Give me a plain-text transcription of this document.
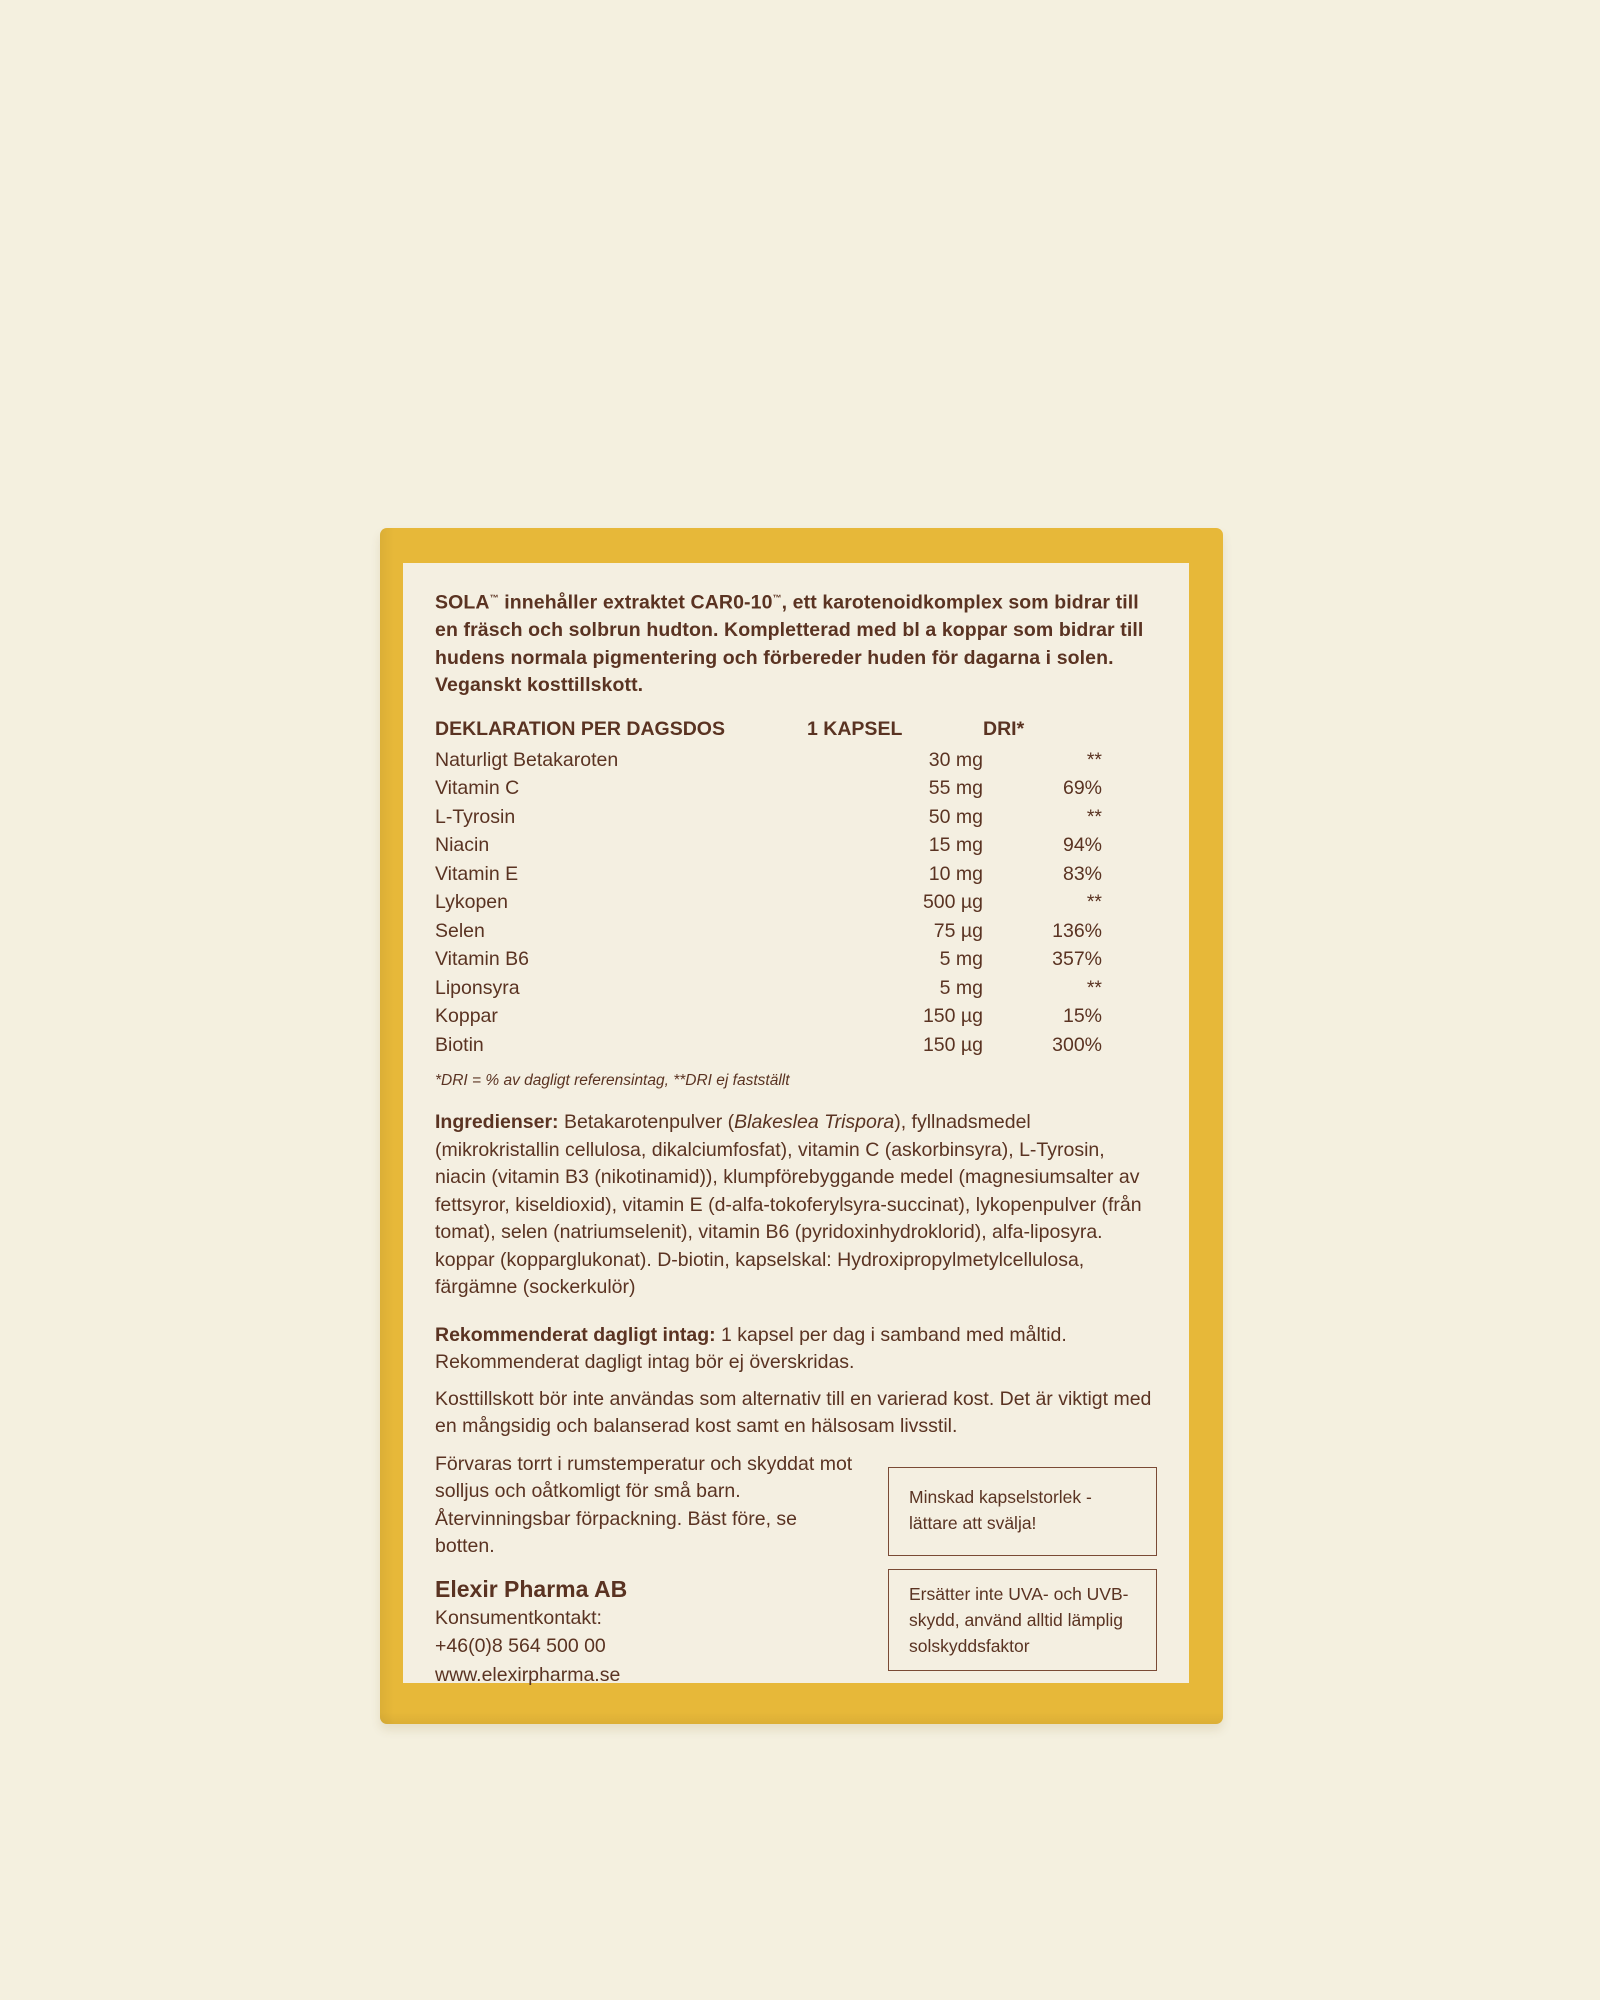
SOLA™ innehåller extraktet CAR0-10™, ett karotenoidkomplex som bidrar till en fräsch och solbrun hudton. Kompletterad med bl a koppar som bidrar till hudens normala pigmentering och förbereder huden för dagarna i solen. Veganskt kosttillskott.

DEKLARATION PER DAGSDOS	1 KAPSEL	DRI*
Naturligt Betakaroten	30 mg	**
Vitamin C	55 mg	69%
L-Tyrosin	50 mg	**
Niacin	15 mg	94%
Vitamin E	10 mg	83%
Lykopen	500 µg	**
Selen	75 µg	136%
Vitamin B6	5 mg	357%
Liponsyra	5 mg	**
Koppar	150 µg	15%
Biotin	150 µg	300%

*DRI = % av dagligt referensintag, **DRI ej fastställt

Ingredienser: Betakarotenpulver (Blakeslea Trispora), fyllnadsmedel (mikrokristallin cellulosa, dikalciumfosfat), vitamin C (askorbinsyra), L-Tyrosin, niacin (vitamin B3 (nikotinamid)), klumpförebyggande medel (magnesiumsalter av fettsyror, kiseldioxid), vitamin E (d-alfa-tokoferylsyra-succinat), lykopenpulver (från tomat), selen (natriumselenit), vitamin B6 (pyridoxinhydroklorid), alfa-liposyra. koppar (kopparglukonat). D-biotin, kapselskal: Hydroxipropylmetylcellulosa, färgämne (sockerkulör)

Rekommenderat dagligt intag: 1 kapsel per dag i samband med måltid. Rekommenderat dagligt intag bör ej överskridas.

Kosttillskott bör inte användas som alternativ till en varierad kost. Det är viktigt med en mångsidig och balanserad kost samt en hälsosam livsstil.

Förvaras torrt i rumstemperatur och skyddat mot solljus och oåtkomligt för små barn. Återvinningsbar förpackning. Bäst före, se botten.

Elexir Pharma AB

Konsumentkontakt:

+46(0)8 564 500 00

www.elexirpharma.se

Minskad kapselstorlek - lättare att svälja!
Ersätter inte UVA- och UVB-skydd, använd alltid lämplig solskyddsfaktor
